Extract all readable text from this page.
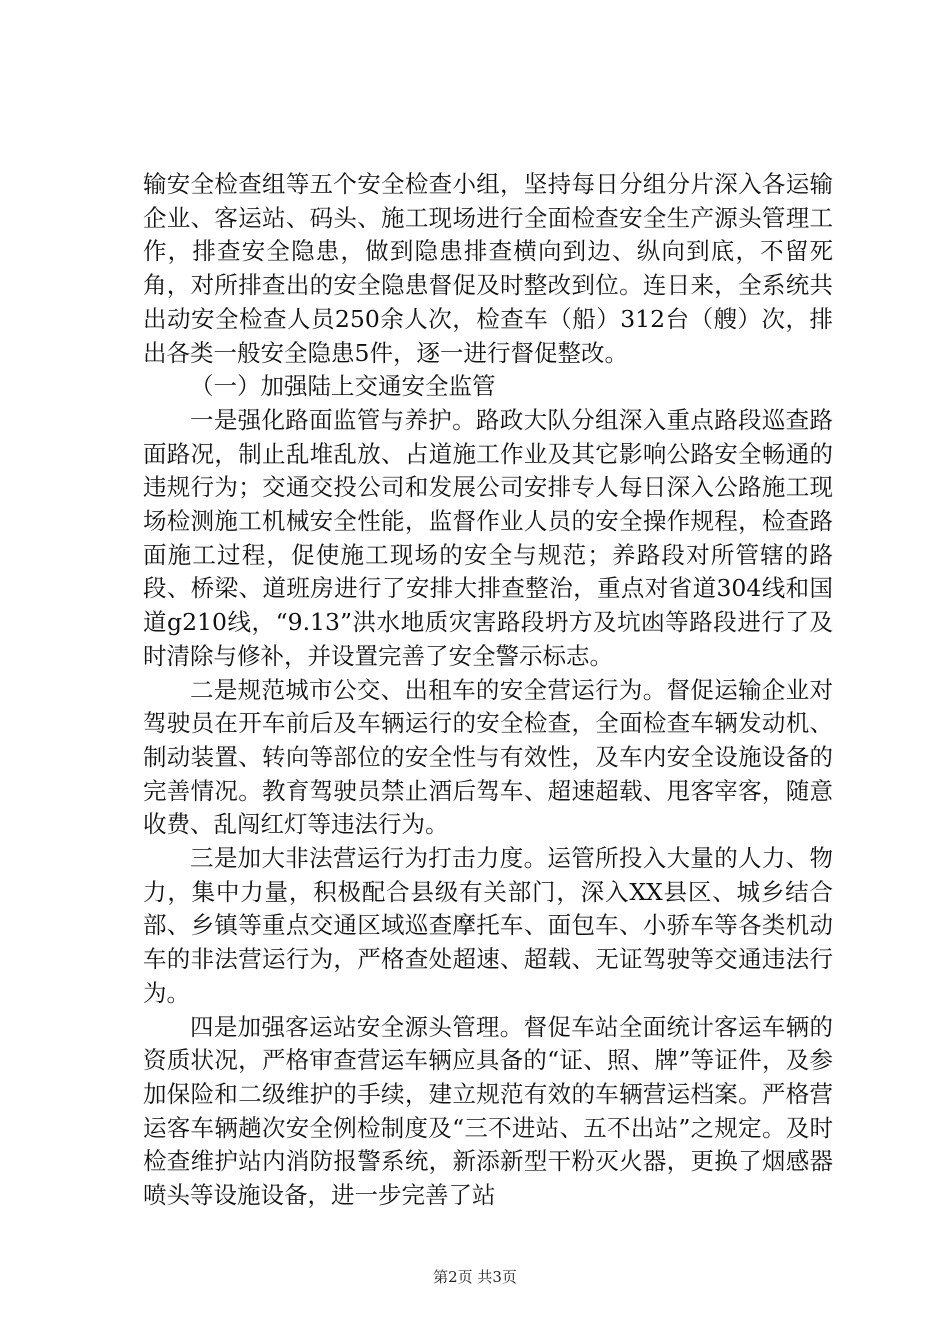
输安全检查组等五个安全检查小组，坚持每日分组分片深入各运输企业、客运站、码头、施工现场进行全面检查安全生产源头管理工作，排查安全隐患，做到隐患排查横向到边、纵向到底，不留死角，对所排查出的安全隐患督促及时整改到位。连日来，全系统共出动安全检查人员250余人次，检查车（船）312台（艘）次，排出各类一般安全隐患5件，逐一进行督促整改。

（一）加强陆上交通安全监管

一是强化路面监管与养护。路政大队分组深入重点路段巡查路面路况，制止乱堆乱放、占道施工作业及其它影响公路安全畅通的违规行为；交通交投公司和发展公司安排专人每日深入公路施工现场检测施工机械安全性能，监督作业人员的安全操作规程，检查路面施工过程，促使施工现场的安全与规范；养路段对所管辖的路段、桥梁、道班房进行了安排大排查整治，重点对省道304线和国道g210线，“9.13”洪水地质灾害路段坍方及坑凼等路段进行了及时清除与修补，并设置完善了安全警示标志。

二是规范城市公交、出租车的安全营运行为。督促运输企业对驾驶员在开车前后及车辆运行的安全检查，全面检查车辆发动机、制动装置、转向等部位的安全性与有效性，及车内安全设施设备的完善情况。教育驾驶员禁止酒后驾车、超速超载、甩客宰客，随意收费、乱闯红灯等违法行为。

三是加大非法营运行为打击力度。运管所投入大量的人力、物力，集中力量，积极配合县级有关部门，深入XX县区、城乡结合部、乡镇等重点交通区域巡查摩托车、面包车、小骄车等各类机动车的非法营运行为，严格查处超速、超载、无证驾驶等交通违法行为。

四是加强客运站安全源头管理。督促车站全面统计客运车辆的资质状况，严格审查营运车辆应具备的“证、照、牌”等证件，及参加保险和二级维护的手续，建立规范有效的车辆营运档案。严格营运客车辆趟次安全例检制度及“三不进站、五不出站”之规定。及时检查维护站内消防报警系统，新添新型干粉灭火器，更换了烟感器喷头等设施设备，进一步完善了站

第2页 共3页
